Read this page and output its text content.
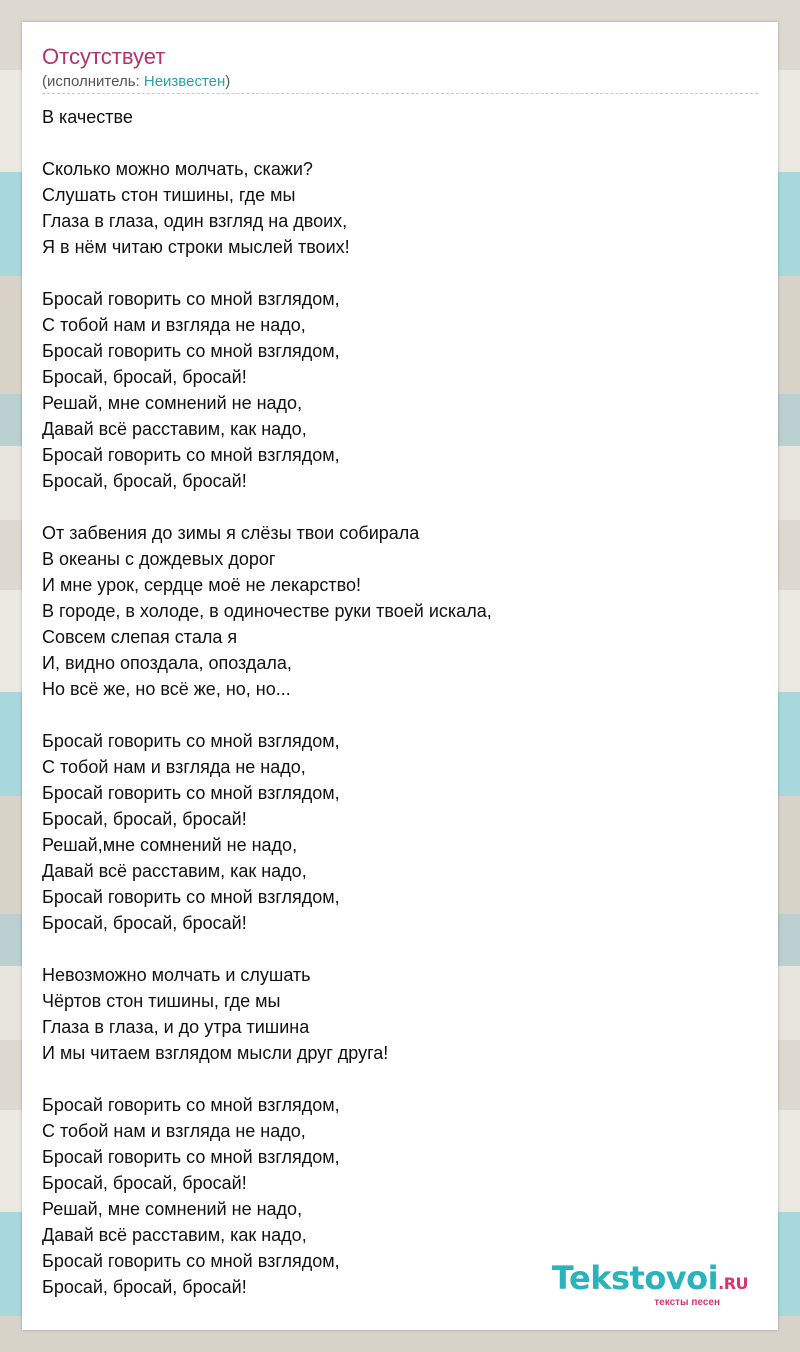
Отсутствует
(исполнитель: Неизвестен)
В качестве
Сколько можно молчать, скажи?
Слушать стон тишины, где мы
Глаза в глаза, один взгляд на двоих,
Я в нём читаю строки мыслей твоих!
Бросай говорить со мной взглядом,
С тобой нам и взгляда не надо,
Бросай говорить со мной взглядом,
Бросай, бросай, бросай!
Решай, мне сомнений не надо,
Давай всё расставим, как надо,
Бросай говорить со мной взглядом,
Бросай, бросай, бросай!
От забвения до зимы я слёзы твои собирала
В океаны с дождевых дорог
И мне урок, сердце моё не лекарство!
В городе, в холоде, в одиночестве руки твоей искала,
Совсем слепая стала я
И, видно опоздала, опоздала,
Но всё же, но всё же, но, но...
Бросай говорить со мной взглядом,
С тобой нам и взгляда не надо,
Бросай говорить со мной взглядом,
Бросай, бросай, бросай!
Решай,мне сомнений не надо,
Давай всё расставим, как надо,
Бросай говорить со мной взглядом,
Бросай, бросай, бросай!
Невозможно молчать и слушать
Чёртов стон тишины, где мы
Глаза в глаза, и до утра тишина
И мы читаем взглядом мысли друг друга!
Бросай говорить со мной взглядом,
С тобой нам и взгляда не надо,
Бросай говорить со мной взглядом,
Бросай, бросай, бросай!
Решай, мне сомнений не надо,
Давай всё расставим, как надо,
Бросай говорить со мной взглядом,
Бросай, бросай, бросай!	Tekstovoi.RU
тексты песен
